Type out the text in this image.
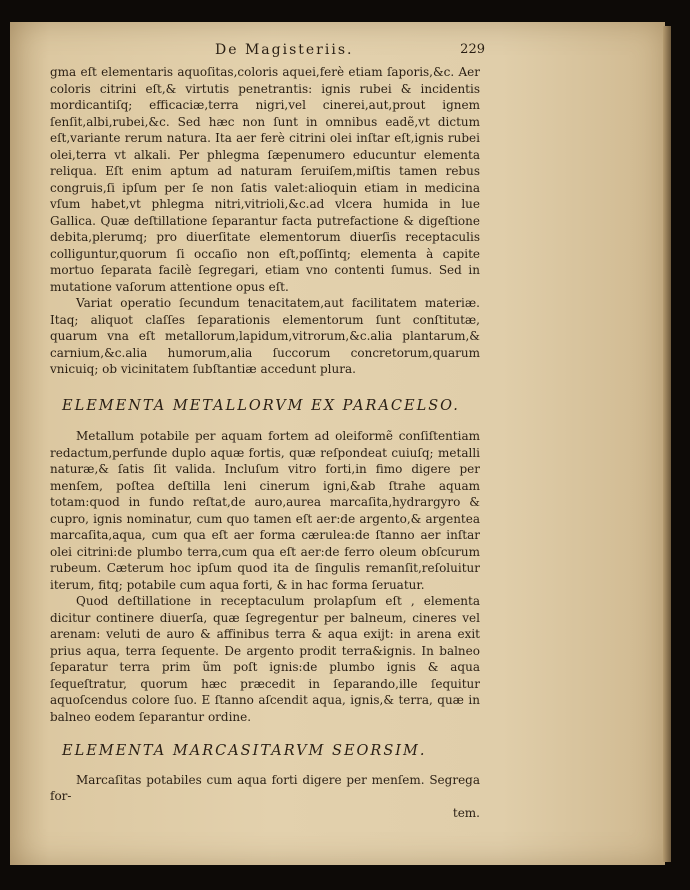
De Magisteriis.	229

gma eſt elementaris aquoſitas,coloris aquei,ferè etiam ſaporis,&c. Aer coloris citrini eſt,& virtutis penetrantis: ignis rubei & incidentis mordicantiſq; efficaciæ,terra nigri,vel cinerei,aut,prout ignem ſenſit,albi,rubei,&c. Sed hæc non ſunt in omnibus eadẽ,vt dictum eſt,variante rerum natura. Ita aer ferè citrini olei inſtar eſt,ignis rubei olei,terra vt alkali. Per phlegma ſæpenumero educuntur elementa reliqua. Eſt enim aptum ad naturam ſeruiſem,miſtis tamen rebus congruis,ſi ipſum per ſe non ſatis valet:alioquin etiam in medicina vſum habet,vt phlegma nitri,vitrioli,&c.ad vlcera humida in lue Gallica. Quæ deſtillatione ſeparantur facta putrefactione & digeſtione debita,plerumq; pro diuerſitate elementorum diuerſis receptaculis colliguntur,quorum ſi occaſio non eſt,poſſintq; elementa à capite mortuo ſeparata facilè ſegregari, etiam vno contenti ſumus. Sed in mutatione vaſorum attentione opus eſt.

Variat operatio ſecundum tenacitatem,aut facilitatem materiæ. Itaq; aliquot claſſes ſeparationis elementorum ſunt conſtitutæ, quarum vna eſt metallorum,lapidum,vitrorum,&c.alia plantarum,& carnium,&c.alia humorum,alia ſuccorum concretorum,quarum vnicuiq; ob vicinitatem ſubſtantiæ accedunt plura.

ELEMENTA METALLORVM EX PARACELSO.

Metallum potabile per aquam fortem ad oleiformẽ conſiſtentiam redactum,perfunde duplo aquæ fortis, quæ reſpondeat cuiuſq; metalli naturæ,& ſatis ſit valida. Incluſum vitro forti,in fimo digere per menſem, poſtea deſtilla leni cinerum igni,&ab ſtrahe aquam totam:quod in fundo reſtat,de auro,aurea marcaſita,hydrargyro & cupro, ignis nominatur, cum quo tamen eſt aer:de argento,& argentea marcaſita,aqua, cum qua eſt aer forma cærulea:de ſtanno aer inſtar olei citrini:de plumbo terra,cum qua eſt aer:de ferro oleum obſcurum rubeum. Cæterum hoc ipſum quod ita de ſingulis remanſit,reſoluitur iterum, fitq; potabile cum aqua forti, & in hac forma ſeruatur.

Quod deſtillatione in receptaculum prolapſum eſt , elementa dicitur continere diuerſa, quæ ſegregentur per balneum, cineres vel arenam: veluti de auro & affinibus terra & aqua exijt: in arena exit prius aqua, terra ſequente. De argento prodit terra&ignis. In balneo ſeparatur terra prim ũm poſt ignis:de plumbo ignis & aqua ſequeſtratur, quorum hæc præcedit in ſeparando,ille ſequitur aquoſcendus colore ſuo. E ſtanno aſcendit aqua, ignis,& terra, quæ in balneo eodem ſeparantur ordine.

ELEMENTA MARCASITARVM SEORSIM.

Marcaſitas potabiles cum aqua forti digere per menſem. Segrega for-

tem.
